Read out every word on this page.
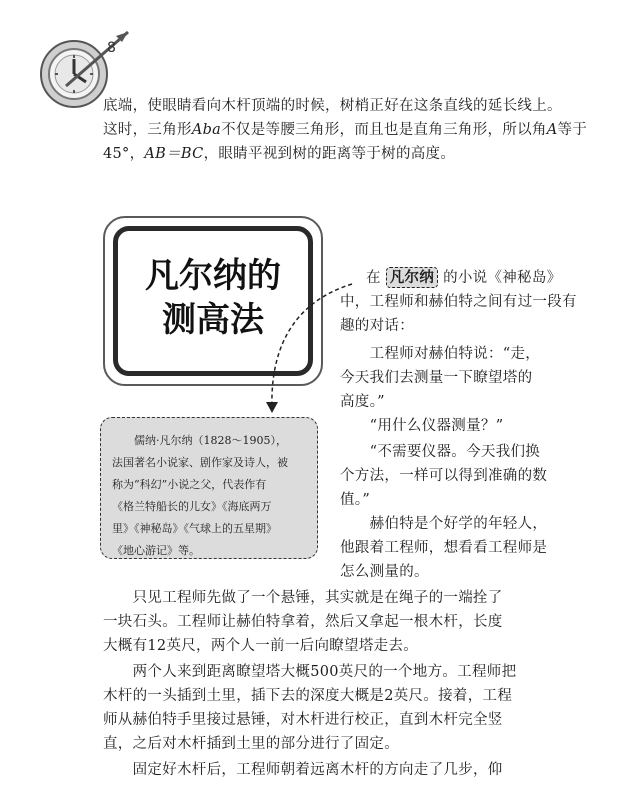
8

底端，使眼睛看向木杆顶端的时候，树梢正好在这条直线的延长线上。

这时，三角形Aba不仅是等腰三角形，而且也是直角三角形，所以角A等于

45°，AB＝BC，眼睛平视到树的距离等于树的高度。

凡尔纳的
测高法
儒纳·凡尔纳（1828～1905），
法国著名小说家、剧作家及诗人，被
称为“科幻”小说之父，代表作有
《格兰特船长的儿女》《海底两万
里》《神秘岛》《气球上的五星期》
《地心游记》等。

在 凡尔纳 的小说《神秘岛》

中，工程师和赫伯特之间有过一段有

趣的对话：

　　工程师对赫伯特说：“走，

今天我们去测量一下瞭望塔的

高度。”

　　“用什么仪器测量？”

　　“不需要仪器。今天我们换

个方法，一样可以得到准确的数

值。”

　　赫伯特是个好学的年轻人，

他跟着工程师，想看看工程师是

怎么测量的。

　　只见工程师先做了一个悬锤，其实就是在绳子的一端拴了

一块石头。工程师让赫伯特拿着，然后又拿起一根木杆，长度

大概有12英尺，两个人一前一后向瞭望塔走去。

　　两个人来到距离瞭望塔大概500英尺的一个地方。工程师把

木杆的一头插到土里，插下去的深度大概是2英尺。接着，工程

师从赫伯特手里接过悬锤，对木杆进行校正，直到木杆完全竖

直，之后对木杆插到土里的部分进行了固定。

　　固定好木杆后，工程师朝着远离木杆的方向走了几步，仰
